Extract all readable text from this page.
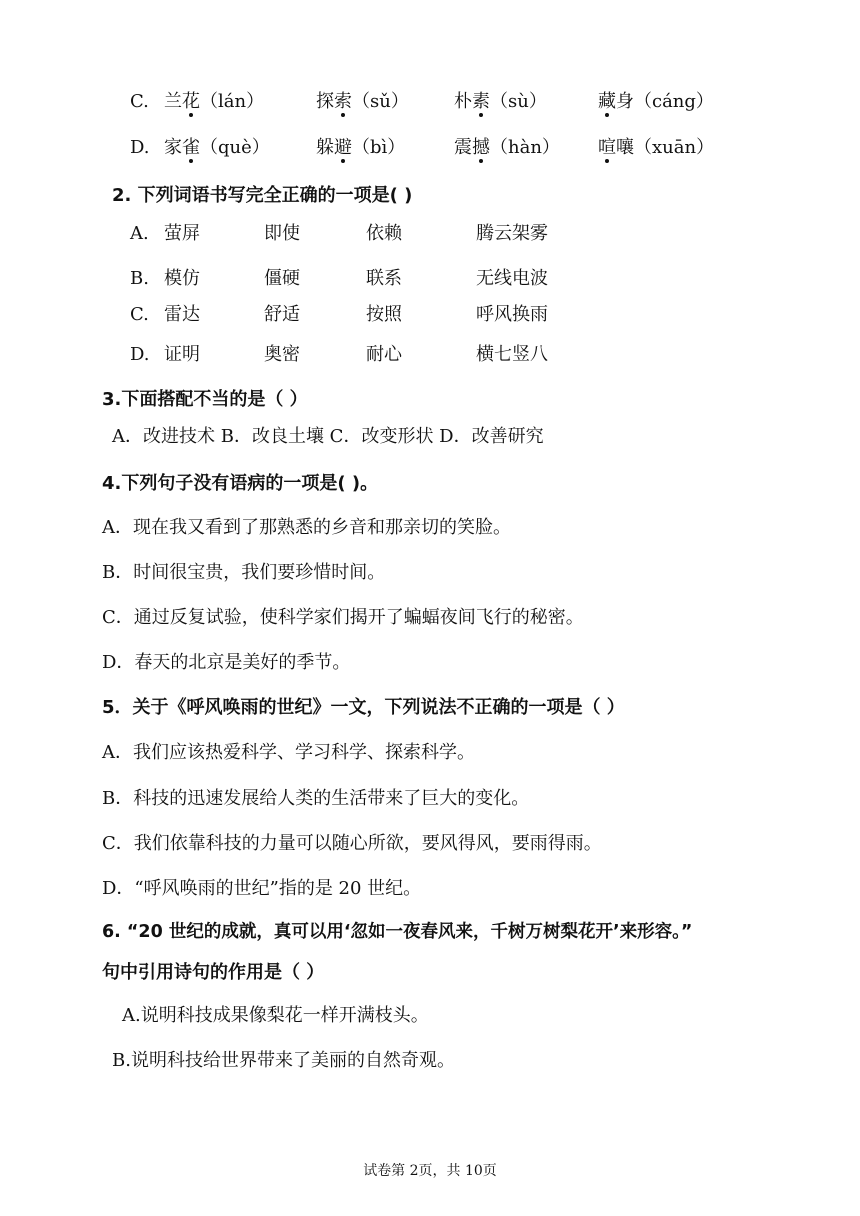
C. 兰花（lán）	探索（sǔ）	朴素（sù）	藏身（cáng）
D. 家雀（què）	躲避（bì）	震撼（hàn） 喧嚷（xuān）
2. 下列词语书写完全正确的一项是( )
A. 萤屏	即使	依赖	腾云架雾
B. 模仿	僵硬	联系	无线电波
C. 雷达	舒适	按照	呼风换雨
D. 证明	奥密	耐心	横七竖八
3.下面搭配不当的是（ ）
A．改进技术 B．改良土壤 C．改变形状 D．改善研究
4.下列句子没有语病的一项是( )。
A．现在我又看到了那熟悉的乡音和那亲切的笑脸。
B．时间很宝贵，我们要珍惜时间。
C．通过反复试验，使科学家们揭开了蝙蝠夜间飞行的秘密。
D．春天的北京是美好的季节。
5．关于《呼风唤雨的世纪》一文，下列说法不正确的一项是（ ）
A．我们应该热爱科学、学习科学、探索科学。
B．科技的迅速发展给人类的生活带来了巨大的变化。
C．我们依靠科技的力量可以随心所欲，要风得风，要雨得雨。
D．“呼风唤雨的世纪”指的是 20 世纪。
6. “20 世纪的成就，真可以用‘忽如一夜春风来，千树万树梨花开’来形容。”
句中引用诗句的作用是（ ）
A.说明科技成果像梨花一样开满枝头。
B.说明科技给世界带来了美丽的自然奇观。
试卷第 2页，共 10页
